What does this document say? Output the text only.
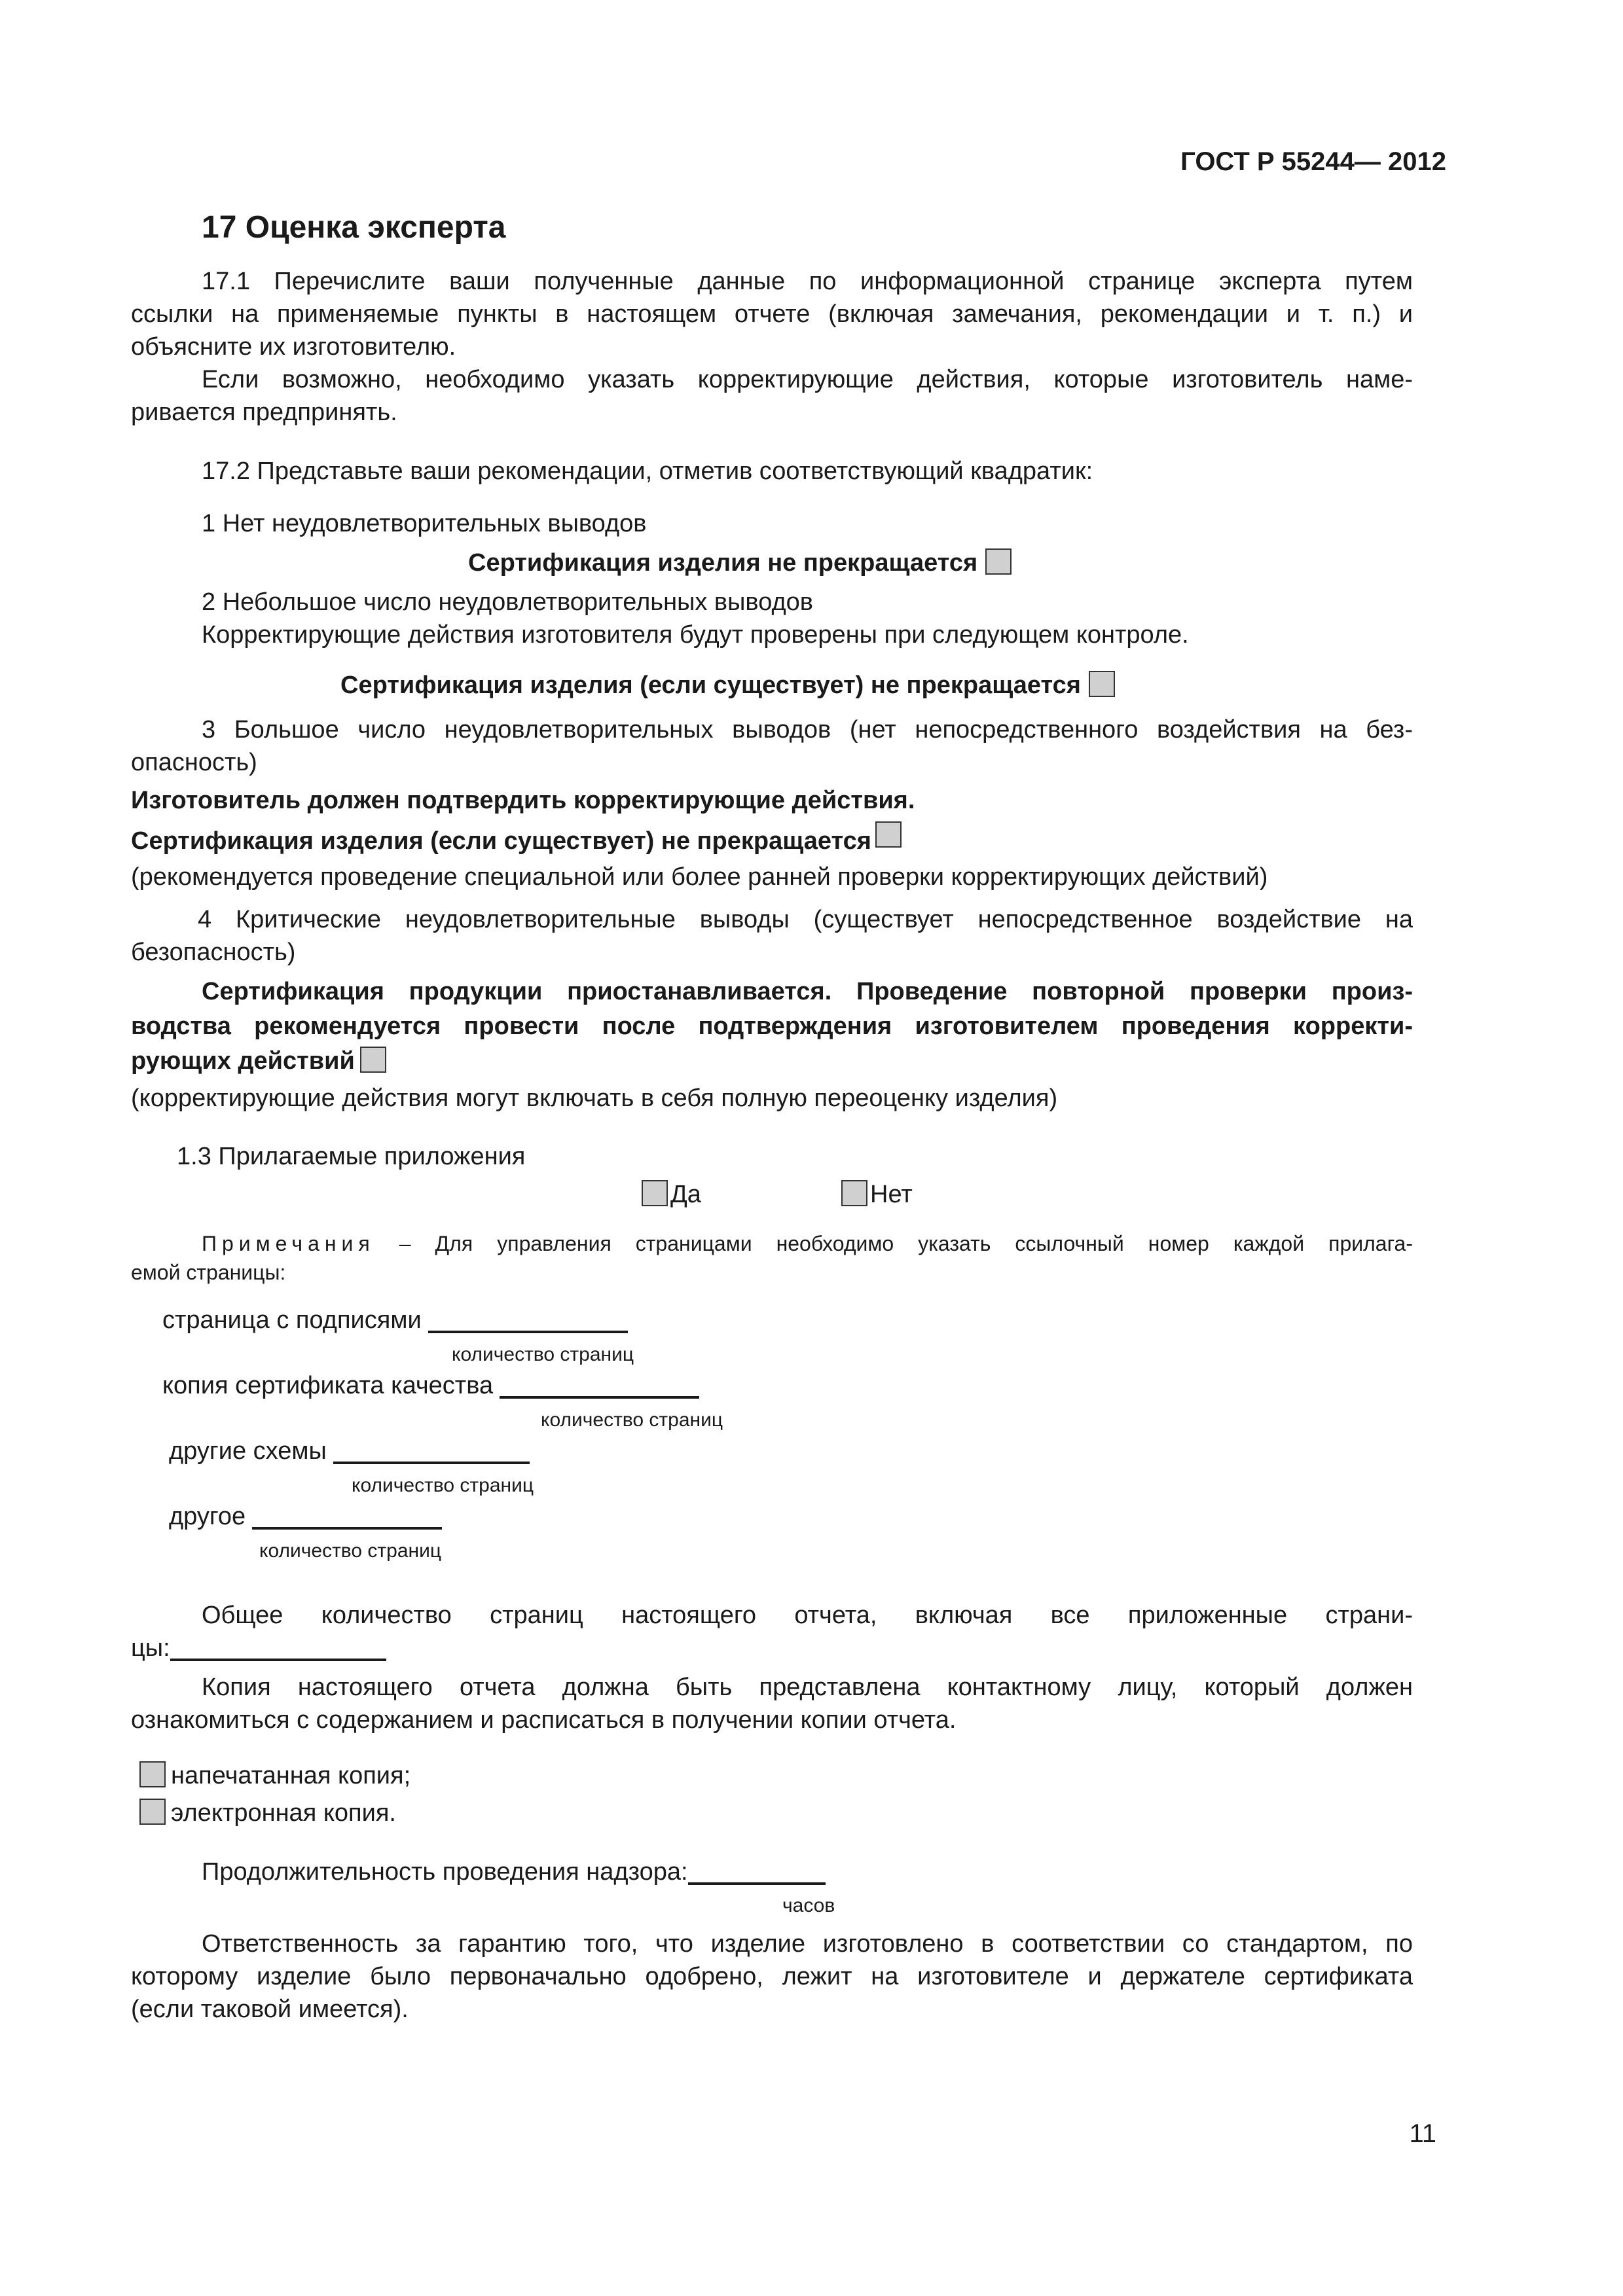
ГОСТ Р 55244— 2012
17 Оценка эксперта
17.1 Перечислите ваши полученные данные по информационной странице эксперта путем
ссылки на применяемые пункты в настоящем отчете (включая замечания, рекомендации и т. п.) и
объясните их изготовителю.
Если возможно, необходимо указать корректирующие действия, которые изготовитель наме-
ривается предпринять.
17.2 Представьте ваши рекомендации, отметив соответствующий квадратик:
1 Нет неудовлетворительных выводов
Сертификация изделия не прекращается
2 Небольшое число неудовлетворительных выводов
Корректирующие действия изготовителя будут проверены при следующем контроле.
Сертификация изделия (если существует) не прекращается
3 Большое число неудовлетворительных выводов (нет непосредственного воздействия на без-
опасность)
Изготовитель должен подтвердить корректирующие действия.
Сертификация изделия (если существует) не прекращается
(рекомендуется проведение специальной или более ранней проверки корректирующих действий)
4 Критические неудовлетворительные выводы (существует непосредственное воздействие на
безопасность)
Сертификация продукции приостанавливается. Проведение повторной проверки произ-
водства рекомендуется провести после подтверждения изготовителем проведения корректи-
рующих действий
(корректирующие действия могут включать в себя полную переоценку изделия)
1.3 Прилагаемые приложения
Да	Нет
Примечания – Для управления страницами необходимо указать ссылочный номер каждой прилага-
емой страницы:
страница с подписями
количество страниц
копия сертификата качества
количество страниц
другие схемы
количество страниц
другое
количество страниц
Общее количество страниц настоящего отчета, включая все приложенные страни-
цы:
Копия настоящего отчета должна быть представлена контактному лицу, который должен
ознакомиться с содержанием и расписаться в получении копии отчета.
напечатанная копия;
электронная копия.
Продолжительность проведения надзора:
часов
Ответственность за гарантию того, что изделие изготовлено в соответствии со стандартом, по
которому изделие было первоначально одобрено, лежит на изготовителе и держателе сертификата
(если таковой имеется).
11
